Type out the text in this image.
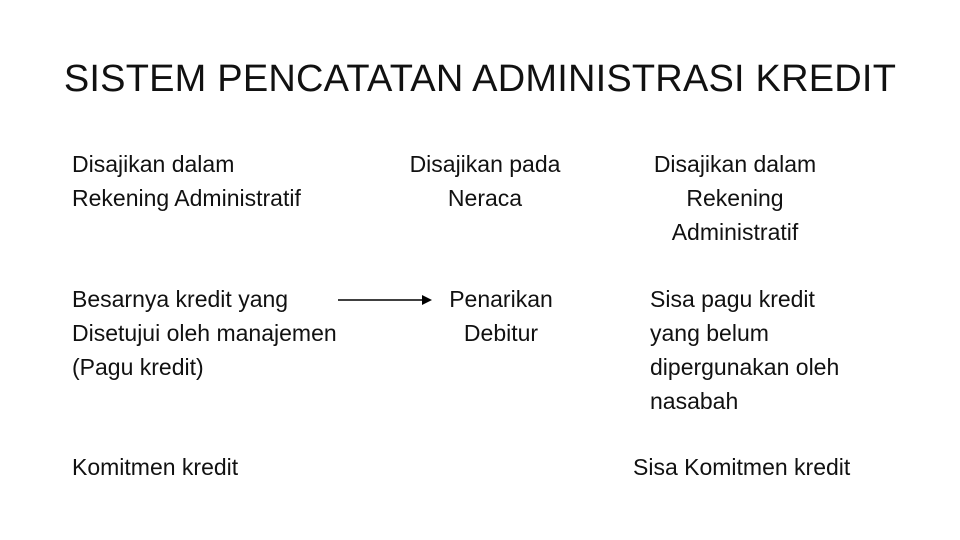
SISTEM PENCATATAN ADMINISTRASI KREDIT
Disajikan dalam
Rekening Administratif
Disajikan pada
Neraca
Disajikan dalam
Rekening
Administratif
Besarnya kredit yang
Disetujui oleh manajemen
(Pagu kredit)
Penarikan
Debitur
Sisa pagu kredit
yang belum
dipergunakan oleh
nasabah
Komitmen kredit	Sisa Komitmen kredit
